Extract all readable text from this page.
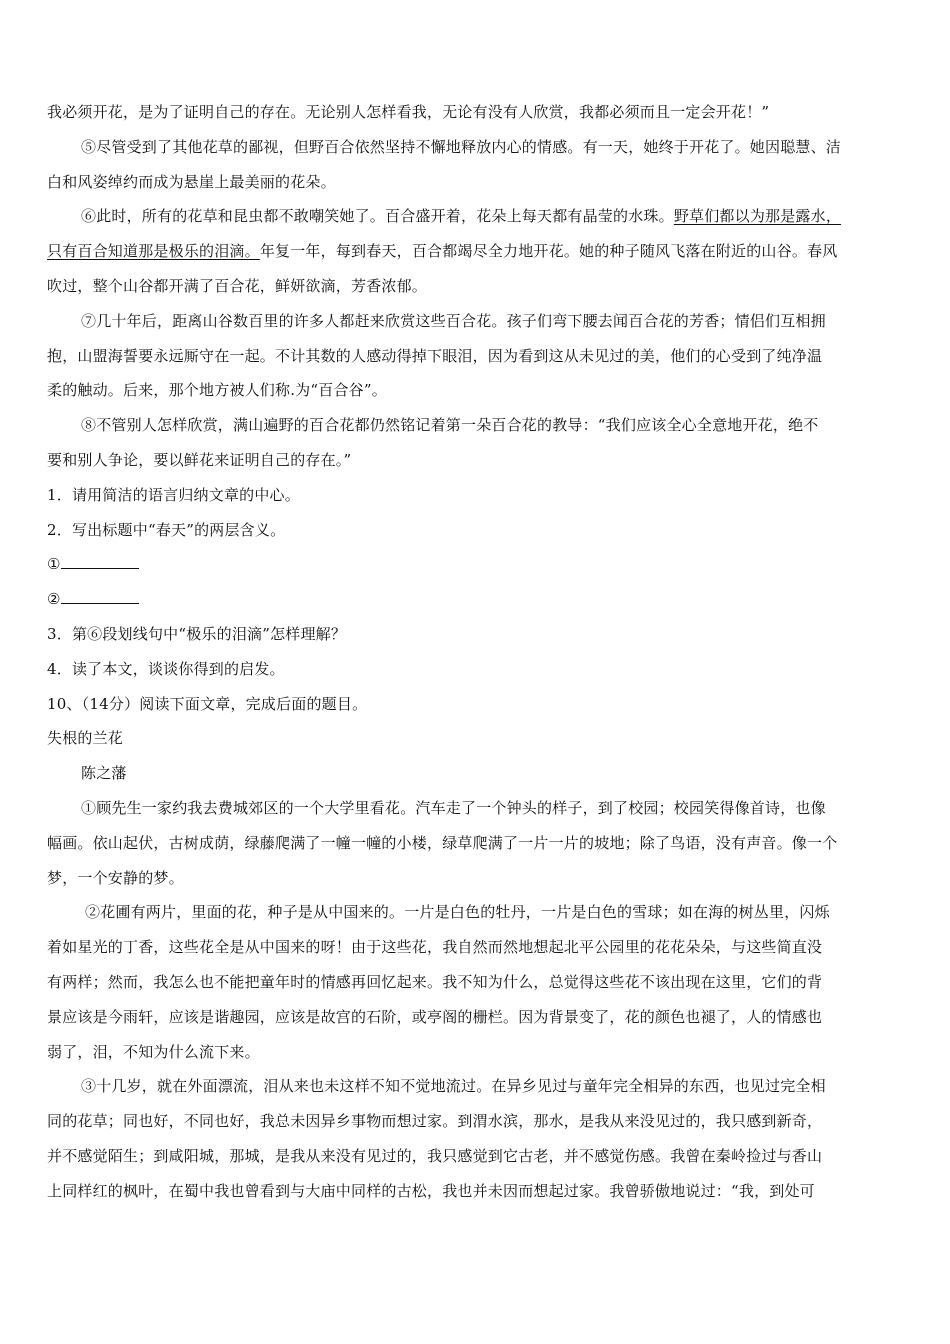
我必须开花，是为了证明自己的存在。无论别人怎样看我，无论有没有人欣赏，我都必须而且一定会开花！”
⑤尽管受到了其他花草的鄙视，但野百合依然坚持不懈地释放内心的情感。有一天，她终于开花了。她因聪慧、洁
白和风姿绰约而成为悬崖上最美丽的花朵。
⑥此时，所有的花草和昆虫都不敢嘲笑她了。百合盛开着，花朵上每天都有晶莹的水珠。野草们都以为那是露水，
只有百合知道那是极乐的泪滴。年复一年，每到春天，百合都竭尽全力地开花。她的种子随风飞落在附近的山谷。春风
吹过，整个山谷都开满了百合花，鲜妍欲滴，芳香浓郁。
⑦几十年后，距离山谷数百里的许多人都赶来欣赏这些百合花。孩子们弯下腰去闻百合花的芳香；情侣们互相拥
抱，山盟海誓要永远厮守在一起。不计其数的人感动得掉下眼泪，因为看到这从未见过的美，他们的心受到了纯净温
柔的触动。后来，那个地方被人们称.为“百合谷”。
⑧不管别人怎样欣赏，满山遍野的百合花都仍然铭记着第一朵百合花的教导：“我们应该全心全意地开花，绝不
要和别人争论，要以鲜花来证明自己的存在。”
1．请用简洁的语言归纳文章的中心。
2．写出标题中“春天”的两层含义。
①
②
3．第⑥段划线句中“极乐的泪滴”怎样理解？
4．读了本文，谈谈你得到的启发。
10、（14分）阅读下面文章，完成后面的题目。
失根的兰花
陈之藩
①顾先生一家约我去费城郊区的一个大学里看花。汽车走了一个钟头的样子，到了校园；校园笑得像首诗，也像
幅画。依山起伏，古树成荫，绿藤爬满了一幢一幢的小楼，绿草爬满了一片一片的坡地；除了鸟语，没有声音。像一个
梦，一个安静的梦。
②花圃有两片，里面的花，种子是从中国来的。一片是白色的牡丹，一片是白色的雪球；如在海的树丛里，闪烁
着如星光的丁香，这些花全是从中国来的呀！由于这些花，我自然而然地想起北平公园里的花花朵朵，与这些简直没
有两样；然而，我怎么也不能把童年时的情感再回忆起来。我不知为什么，总觉得这些花不该出现在这里，它们的背
景应该是今雨轩，应该是谐趣园，应该是故宫的石阶，或亭阁的栅栏。因为背景变了，花的颜色也褪了，人的情感也
弱了，泪，不知为什么流下来。
③十几岁，就在外面漂流，泪从来也未这样不知不觉地流过。在异乡见过与童年完全相异的东西，也见过完全相
同的花草；同也好，不同也好，我总未因异乡事物而想过家。到渭水滨，那水，是我从来没见过的，我只感到新奇，
并不感觉陌生；到咸阳城，那城，是我从来没有见过的，我只感觉到它古老，并不感觉伤感。我曾在秦岭捡过与香山
上同样红的枫叶，在蜀中我也曾看到与大庙中同样的古松，我也并未因而想起过家。我曾骄傲地说过：“我，到处可
